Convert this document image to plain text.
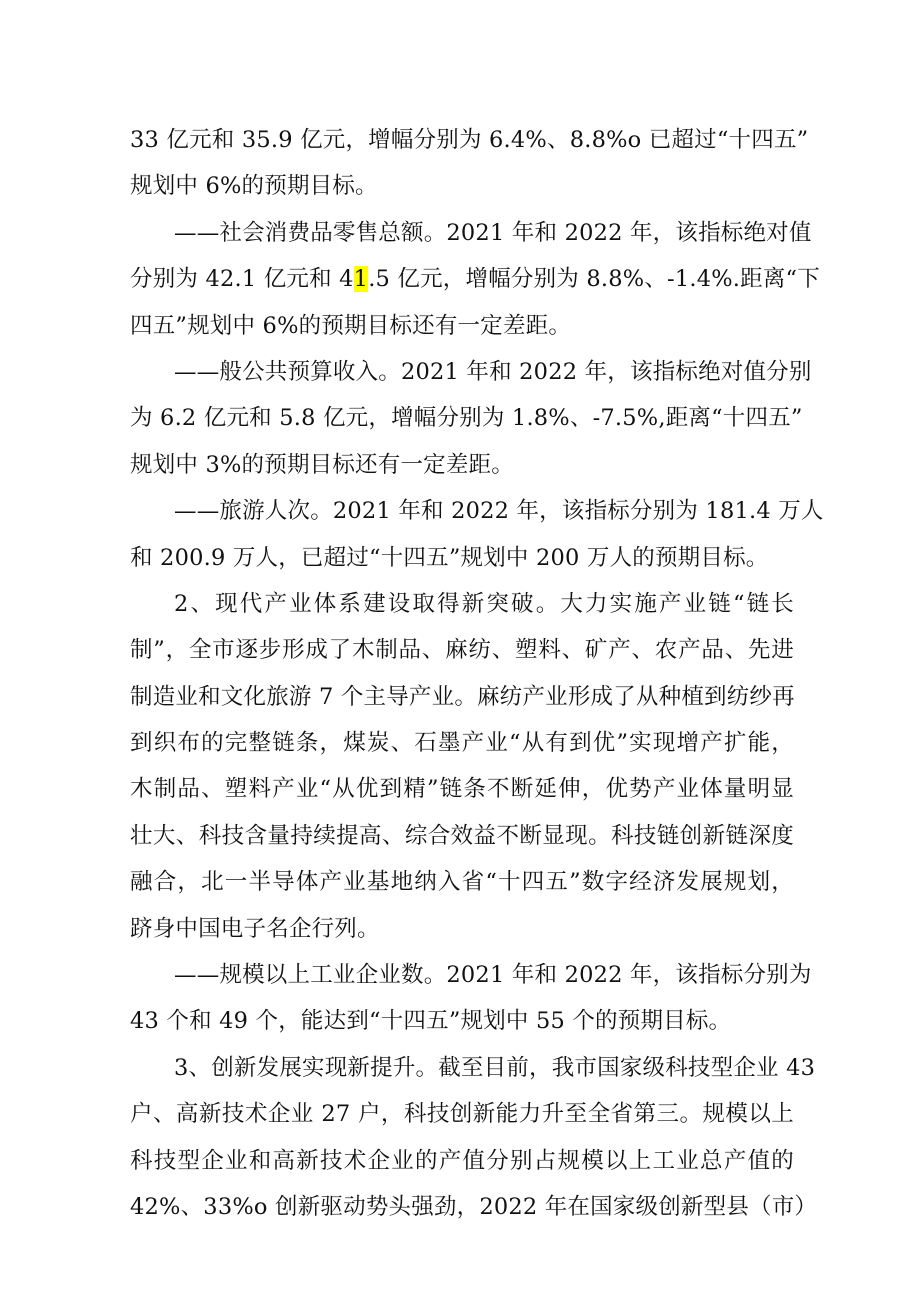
33 亿元和 35.9 亿元，增幅分别为 6.4%、8.8%o 已超过“十四五”
规划中 6%的预期目标。
——社会消费品零售总额。2021 年和 2022 年，该指标绝对值
分别为 42.1 亿元和 41.5 亿元，增幅分别为 8.8%、-1.4%.距离“下
四五”规划中 6%的预期目标还有一定差距。
——般公共预算收入。2021 年和 2022 年，该指标绝对值分别
为 6.2 亿元和 5.8 亿元，增幅分别为 1.8%、-7.5%,距离“十四五”
规划中 3%的预期目标还有一定差距。
——旅游人次。2021 年和 2022 年，该指标分别为 181.4 万人
和 200.9 万人，已超过“十四五”规划中 200 万人的预期目标。
2、现代产业体系建设取得新突破。大力实施产业链“链长
制”，全市逐步形成了木制品、麻纺、塑料、矿产、农产品、先进
制造业和文化旅游 7 个主导产业。麻纺产业形成了从种植到纺纱再
到织布的完整链条，煤炭、石墨产业“从有到优”实现增产扩能，
木制品、塑料产业“从优到精”链条不断延伸，优势产业体量明显
壮大、科技含量持续提高、综合效益不断显现。科技链创新链深度
融合，北一半导体产业基地纳入省“十四五”数字经济发展规划，
跻身中国电子名企行列。
——规模以上工业企业数。2021 年和 2022 年，该指标分别为
43 个和 49 个，能达到“十四五”规划中 55 个的预期目标。
3、创新发展实现新提升。截至目前，我市国家级科技型企业 43
户、高新技术企业 27 户，科技创新能力升至全省第三。规模以上
科技型企业和高新技术企业的产值分别占规模以上工业总产值的
42%、33%o 创新驱动势头强劲，2022 年在国家级创新型县（市）
